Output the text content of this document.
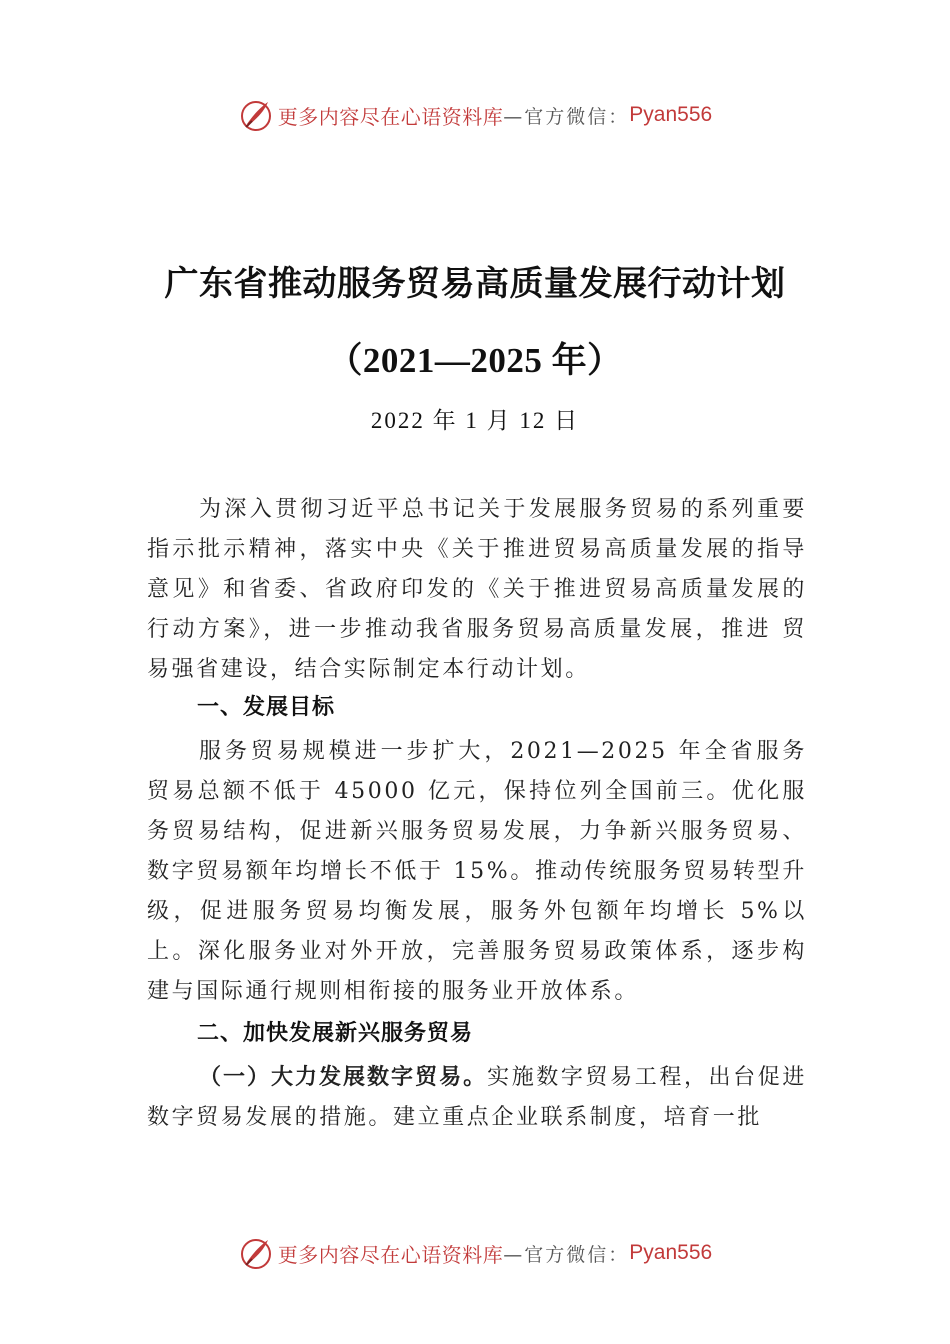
更多内容尽在心语资料库 —官方微信： Pyan556
广东省推动服务贸易高质量发展行动计划
（2021—2025 年）
2022 年 1 月 12 日

为深入贯彻习近平总书记关于发展服务贸易的系列重要指示批示精神，落实中央《关于推进贸易高质量发展的指导意见》和省委、省政府印发的《关于推进贸易高质量发展的行动方案》，进一步推动我省服务贸易高质量发展，推进 贸易强省建设，结合实际制定本行动计划。

一、发展目标

服务贸易规模进一步扩大，2021—2025 年全省服务贸易总额不低于 45000 亿元，保持位列全国前三。优化服务贸易结构，促进新兴服务贸易发展，力争新兴服务贸易、数字贸易额年均增长不低于 15%。推动传统服务贸易转型升级，促进服务贸易均衡发展，服务外包额年均增长 5%以上。深化服务业对外开放，完善服务贸易政策体系，逐步构建与国际通行规则相衔接的服务业开放体系。

二、加快发展新兴服务贸易

（一）大力发展数字贸易。实施数字贸易工程，出台促进数字贸易发展的措施。建立重点企业联系制度，培育一批

更多内容尽在心语资料库 —官方微信： Pyan556
